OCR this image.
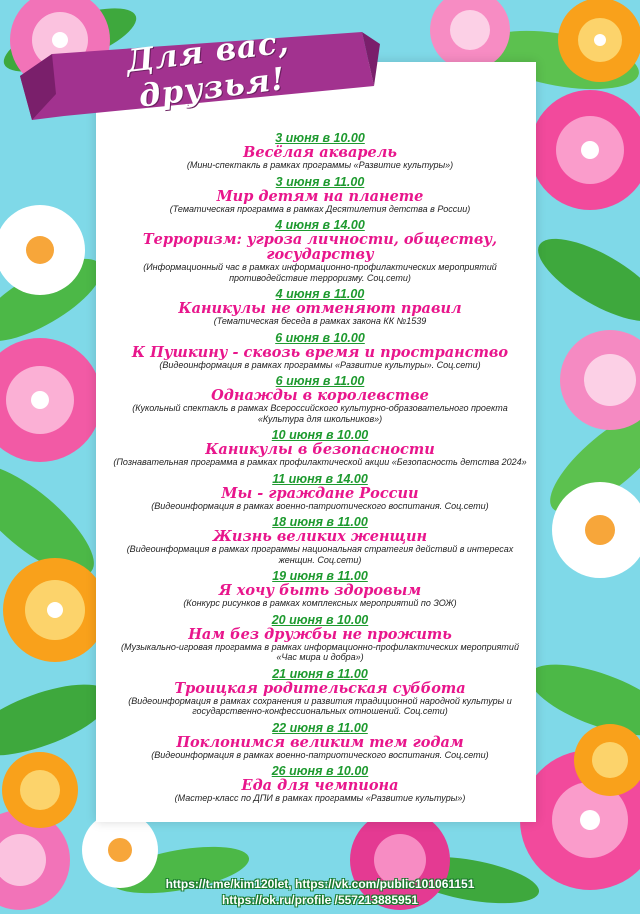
Для вас, друзья!
3 июня в 10.00
Весёлая акварель
(Мини-спектакль в рамках программы «Развитие культуры»)
3 июня в 11.00
Мир детям на планете
(Тематическая программа в рамках Десятилетия детства в России)
4 июня в 14.00
Терроризм: угроза личности, обществу, государству
(Информационный час в рамках информационно-профилактических мероприятий противодействие терроризму. Соц.сети)
4 июня в 11.00
Каникулы не отменяют правил
(Тематическая беседа в рамках закона КК №1539
6 июня в 10.00
К Пушкину - сквозь время и пространство
(Видеоинформация в рамках программы «Развитие культуры». Соц.сети)
6 июня в 11.00
Однажды в королевстве
(Кукольный спектакль в рамках Всероссийского культурно-образовательного проекта «Культура для школьников»)
10 июня в 10.00
Каникулы в безопасности
(Познавательная программа в рамках профилактической акции «Безопасность детства 2024»
11 июня в 14.00
Мы - граждане России
(Видеоинформация в рамках военно-патриотического воспитания. Соц.сети)
18 июня в 11.00
Жизнь великих женщин
(Видеоинформация в рамках программы национальная стратегия действий в интересах женщин. Соц.сети)
19 июня в 11.00
Я хочу быть здоровым
(Конкурс рисунков в рамках комплексных мероприятий по ЗОЖ)
20 июня в 10.00
Нам без дружбы не прожить
(Музыкально-игровая программа в рамках информационно-профилактических мероприятий «Час мира и добра»)
21 июня в 11.00
Троицкая родительская суббота
(Видеоинформация в рамках сохранения и развития традиционной народной культуры и государственно-конфессиональных отношений. Соц.сети)
22 июня в 11.00
Поклонимся великим тем годам
(Видеоинформация в рамках военно-патриотического воспитания. Соц.сети)
26 июня в 10.00
Еда для чемпиона
(Мастер-класс по ДПИ в рамках программы «Развитие культуры»)
https://t.me/kim120let, https://vk.com/public101061151
https://ok.ru/profile /557213885951
